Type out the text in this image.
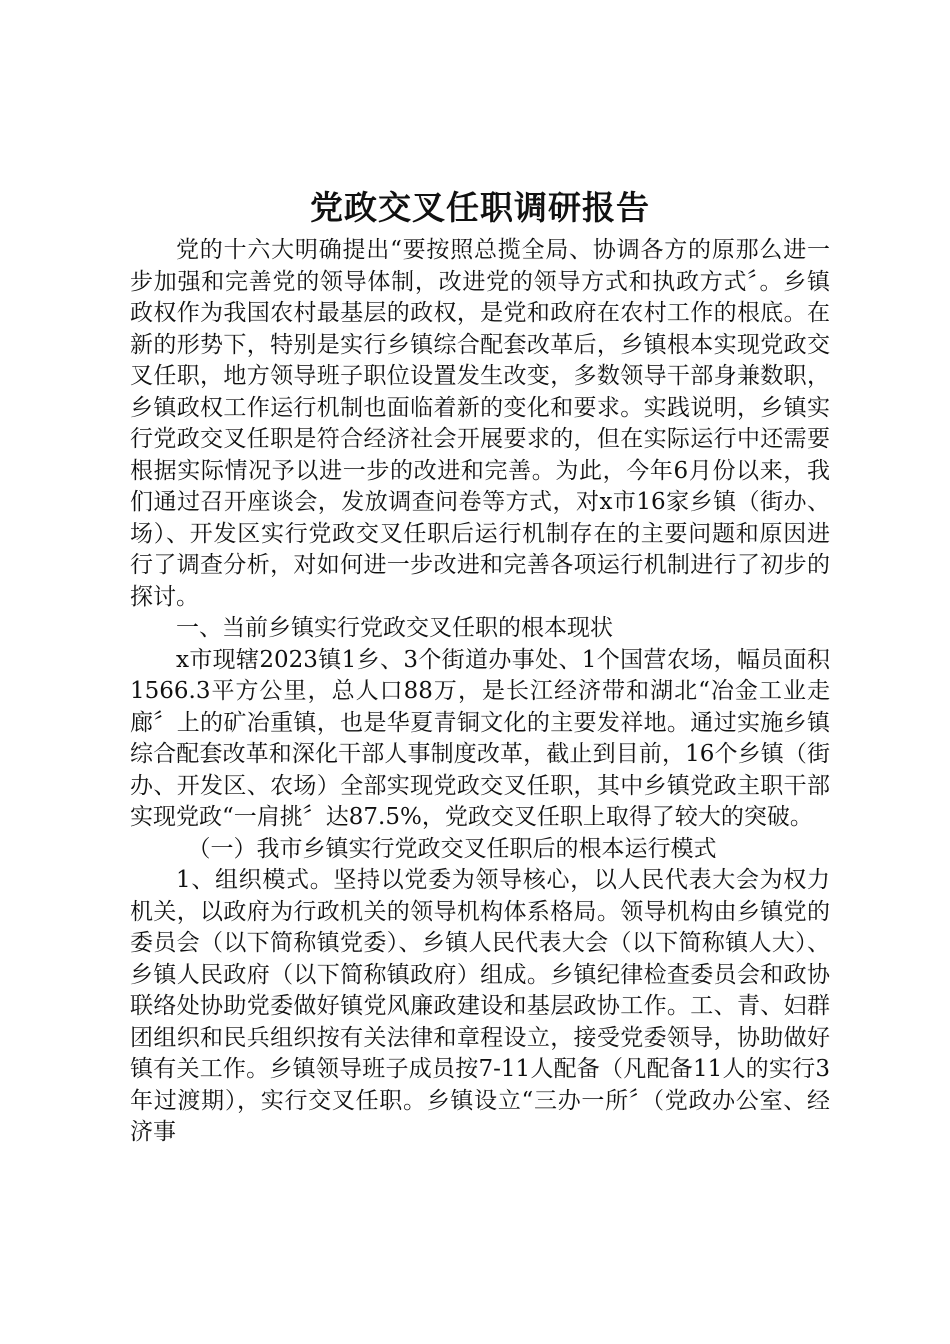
党政交叉任职调研报告

党的十六大明确提出“要按照总揽全局、协调各方的原那么进一步加强和完善党的领导体制，改进党的领导方式和执政方式〞。乡镇政权作为我国农村最基层的政权，是党和政府在农村工作的根底。在新的形势下，特别是实行乡镇综合配套改革后，乡镇根本实现党政交叉任职，地方领导班子职位设置发生改变，多数领导干部身兼数职，乡镇政权工作运行机制也面临着新的变化和要求。实践说明，乡镇实行党政交叉任职是符合经济社会开展要求的，但在实际运行中还需要根据实际情况予以进一步的改进和完善。为此，今年6月份以来，我们通过召开座谈会，发放调查问卷等方式，对x市16家乡镇（街办、场）、开发区实行党政交叉任职后运行机制存在的主要问题和原因进行了调查分析，对如何进一步改进和完善各项运行机制进行了初步的探讨。

一、当前乡镇实行党政交叉任职的根本现状

x市现辖2023镇1乡、3个街道办事处、1个国营农场，幅员面积1566.3平方公里，总人口88万，是长江经济带和湖北“冶金工业走廊〞上的矿冶重镇，也是华夏青铜文化的主要发祥地。通过实施乡镇综合配套改革和深化干部人事制度改革，截止到目前，16个乡镇（街办、开发区、农场）全部实现党政交叉任职，其中乡镇党政主职干部实现党政“一肩挑〞达87.5%，党政交叉任职上取得了较大的突破。

（一）我市乡镇实行党政交叉任职后的根本运行模式

1、组织模式。坚持以党委为领导核心，以人民代表大会为权力机关，以政府为行政机关的领导机构体系格局。领导机构由乡镇党的委员会（以下简称镇党委）、乡镇人民代表大会（以下简称镇人大）、乡镇人民政府（以下简称镇政府）组成。乡镇纪律检查委员会和政协联络处协助党委做好镇党风廉政建设和基层政协工作。工、青、妇群团组织和民兵组织按有关法律和章程设立，接受党委领导，协助做好镇有关工作。乡镇领导班子成员按7-11人配备（凡配备11人的实行3年过渡期），实行交叉任职。乡镇设立“三办一所〞（党政办公室、经济事
